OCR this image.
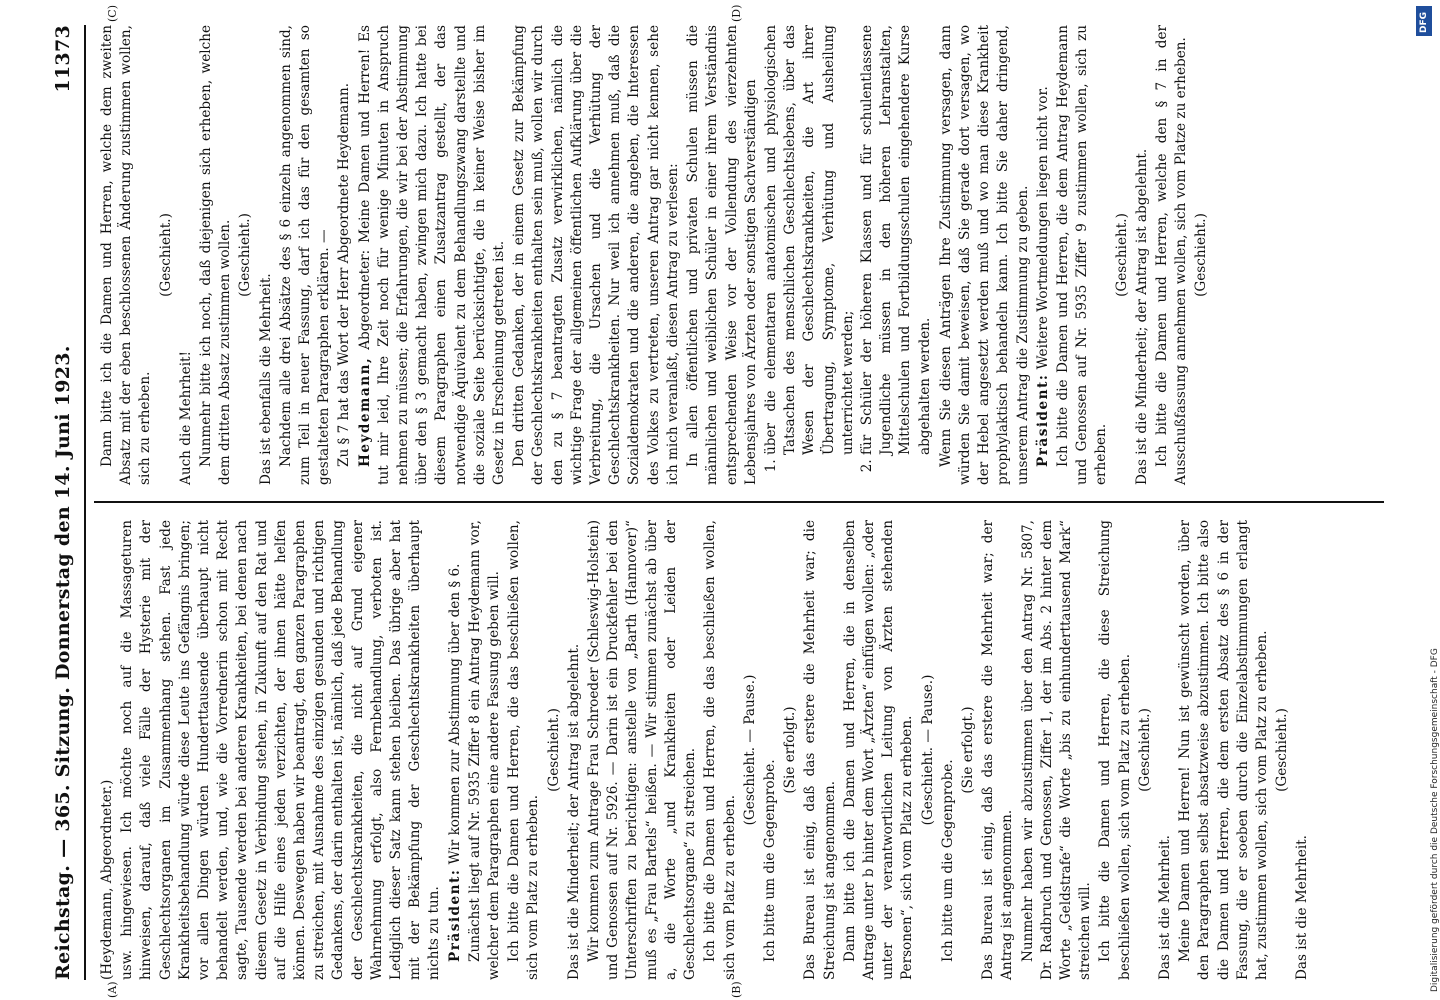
Reichstag. — 365. Sitzung. Donnerstag den 14. Juni 1923.
11373
(A)	(B)
(C)	(D)

(Heydemann, Abgeordneter.) usw. hingewiesen. Ich möchte noch auf die Massageturen hinweisen, darauf, daß viele Fälle der Hysterie mit der Geschlechtsorganen im Zusammenhang stehen. Fast jede Krankheitsbehandlung würde diese Leute ins Gefängnis bringen; vor allen Dingen würden Hunderttausende überhaupt nicht behandelt werden, und, wie die Vorrednerin schon mit Recht sagte, Tausende werden bei anderen Krankheiten, bei denen nach diesem Gesetz in Verbindung stehen, in Zukunft auf den Rat und auf die Hilfe eines jeden verzichten, der ihnen hätte helfen können. Deswegen haben wir beantragt, den ganzen Paragraphen zu streichen, mit Ausnahme des einzigen gesunden und richtigen Gedankens, der darin enthalten ist, nämlich, daß jede Behandlung der Geschlechtskrankheiten, die nicht auf Grund eigener Wahrnehmung erfolgt, also Fernbehandlung, verboten ist. Lediglich dieser Satz kann stehen bleiben. Das übrige aber hat mit der Bekämpfung der Geschlechtskrankheiten überhaupt nichts zu tun. Präsident: Wir kommen zur Abstimmung über den § 6. Zunächst liegt auf Nr. 5935 Ziffer 8 ein Antrag Heydemann vor, welcher dem Paragraphen eine andere Fassung geben will. Ich bitte die Damen und Herren, die das beschließen wollen, sich vom Platz zu erheben.

(Geschieht.) Das ist die Minderheit; der Antrag ist abgelehnt. Wir kommen zum Antrage Frau Schroeder (Schleswig-Holstein) und Genossen auf Nr. 5926. — Darin ist ein Druckfehler bei den Unterschriften zu berichtigen: anstelle von „Barth (Hannover)“ muß es „Frau Bartels“ heißen. — Wir stimmen zunächst ab über a, die Worte „und Krankheiten oder Leiden der Geschlechtsorgane“ zu streichen. Ich bitte die Damen und Herren, die das beschließen wollen, sich vom Platz zu erheben.

(Geschieht. — Pause.)

Ich bitte um die Gegenprobe.

(Sie erfolgt.) Das Bureau ist einig, daß das erstere die Mehrheit war; die Streichung ist angenommen. Dann bitte ich die Damen und Herren, die in denselben Antrage unter b hinter dem Wort „Ärzten“ einfügen wollen: „oder unter der verantwortlichen Leitung von Ärzten stehenden Personen“, sich vom Platz zu erheben. (Geschieht. — Pause.)

Ich bitte um die Gegenprobe.

(Sie erfolgt.) Das Bureau ist einig, daß das erstere die Mehrheit war; der Antrag ist angenommen. Nunmehr haben wir abzustimmen über den Antrag Nr. 5807, Dr. Radbruch und Genossen, Ziffer 1, der im Abs. 2 hinter dem Worte „Geldstrafe“ die Worte „bis zu einhunderttausend Mark“ streichen will. Ich bitte die Damen und Herren, die diese Streichung beschließen wollen, sich vom Platz zu erheben. (Geschieht.)

Das ist die Mehrheit. Meine Damen und Herren! Nun ist gewünscht worden, über den Paragraphen selbst absatzweise abzustimmen. Ich bitte also die Damen und Herren, die dem ersten Absatz des § 6 in der Fassung, die er soeben durch die Einzelabstimmungen erlangt hat, zustimmen wollen, sich vom Platz zu erheben. (Geschieht.)

Das ist die Mehrheit.

Dann bitte ich die Damen und Herren, welche dem zweiten Absatz mit der eben beschlossenen Änderung zustimmen wollen, sich zu erheben.

(Geschieht.)

Auch die Mehrheit! Nunmehr bitte ich noch, daß diejenigen sich erheben, welche dem dritten Absatz zustimmen wollen. (Geschieht.)

Das ist ebenfalls die Mehrheit. Nachdem alle drei Absätze des § 6 einzeln angenommen sind, zum Teil in neuer Fassung, darf ich das für den gesamten so gestalteten Paragraphen erklären. — Zu § 7 hat das Wort der Herr Abgeordnete Heydemann. Heydemann, Abgeordneter: Meine Damen und Herren! Es tut mir leid, Ihre Zeit noch für wenige Minuten in Anspruch nehmen zu müssen; die Erfahrungen, die wir bei der Abstimmung über den § 3 gemacht haben, zwingen mich dazu. Ich hatte bei diesem Paragraphen einen Zusatzantrag gestellt, der das notwendige Äquivalent zu dem Behandlungszwang darstellte und die soziale Seite berücksichtigte, die in keiner Weise bisher im Gesetz in Erscheinung getreten ist. Den dritten Gedanken, der in einem Gesetz zur Bekämpfung der Geschlechtskrankheiten enthalten sein muß, wollen wir durch den zu § 7 beantragten Zusatz verwirklichen, nämlich die wichtige Frage der allgemeinen öffentlichen Aufklärung über die Verbreitung, die Ursachen und die Verhütung der Geschlechtskrankheiten. Nur weil ich annehmen muß, daß die Sozialdemokraten und die anderen, die angeben, die Interessen des Volkes zu vertreten, unseren Antrag gar nicht kennen, sehe ich mich veranlaßt, diesen Antrag zu verlesen: In allen öffentlichen und privaten Schulen müssen die männlichen und weiblichen Schüler in einer ihrem Verständnis entsprechenden Weise vor der Vollendung des vierzehnten Lebensjahres von Ärzten oder sonstigen Sachverständigen 1. über die elementaren anatomischen und physiologischen Tatsachen des menschlichen Geschlechtslebens, über das Wesen der Geschlechtskrankheiten, die Art ihrer Übertragung, Symptome, Verhütung und Ausheilung unterrichtet werden; 2. für Schüler der höheren Klassen und für schulentlassene Jugendliche müssen in den höheren Lehranstalten, Mittelschulen und Fortbildungsschulen eingehendere Kurse abgehalten werden. Wenn Sie diesen Anträgen Ihre Zustimmung versagen, dann würden Sie damit beweisen, daß Sie gerade dort versagen, wo der Hebel angesetzt werden muß und wo man diese Krankheit prophylaktisch behandeln kann. Ich bitte Sie daher dringend, unserem Antrag die Zustimmung zu geben. Präsident: Weitere Wortmeldungen liegen nicht vor. Ich bitte die Damen und Herren, die dem Antrag Heydemann und Genossen auf Nr. 5935 Ziffer 9 zustimmen wollen, sich zu erheben.

(Geschieht.) Das ist die Minderheit; der Antrag ist abgelehnt. Ich bitte die Damen und Herren, welche den § 7 in der Ausschußfassung annehmen wollen, sich vom Platze zu erheben. (Geschieht.)

Digitalisierung gefördert durch die Deutsche Forschungsgemeinschaft - DFG
DFG
